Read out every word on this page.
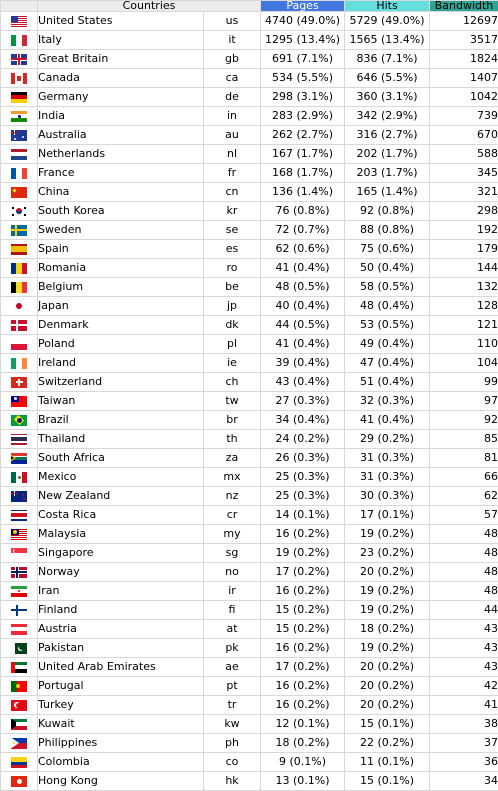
	Countries		Pages	Hits	Bandwidth

	United States	us	4740 (49.0%)	5729 (49.0%)	12697

	Italy	it	1295 (13.4%)	1565 (13.4%)	3517

	Great Britain	gb	691 (7.1%)	836 (7.1%)	1824

	Canada	ca	534 (5.5%)	646 (5.5%)	1407

	Germany	de	298 (3.1%)	360 (3.1%)	1042

	India	in	283 (2.9%)	342 (2.9%)	739

	Australia	au	262 (2.7%)	316 (2.7%)	670

	Netherlands	nl	167 (1.7%)	202 (1.7%)	588

	France	fr	168 (1.7%)	203 (1.7%)	345

	China	cn	136 (1.4%)	165 (1.4%)	321

	South Korea	kr	76 (0.8%)	92 (0.8%)	298

	Sweden	se	72 (0.7%)	88 (0.8%)	192

	Spain	es	62 (0.6%)	75 (0.6%)	179

	Romania	ro	41 (0.4%)	50 (0.4%)	144

	Belgium	be	48 (0.5%)	58 (0.5%)	132

	Japan	jp	40 (0.4%)	48 (0.4%)	128

	Denmark	dk	44 (0.5%)	53 (0.5%)	121

	Poland	pl	41 (0.4%)	49 (0.4%)	110

	Ireland	ie	39 (0.4%)	47 (0.4%)	104

	Switzerland	ch	43 (0.4%)	51 (0.4%)	99

	Taiwan	tw	27 (0.3%)	32 (0.3%)	97

	Brazil	br	34 (0.4%)	41 (0.4%)	92

	Thailand	th	24 (0.2%)	29 (0.2%)	85

	South Africa	za	26 (0.3%)	31 (0.3%)	81

	Mexico	mx	25 (0.3%)	31 (0.3%)	66

	New Zealand	nz	25 (0.3%)	30 (0.3%)	62

	Costa Rica	cr	14 (0.1%)	17 (0.1%)	57

	Malaysia	my	16 (0.2%)	19 (0.2%)	48

	Singapore	sg	19 (0.2%)	23 (0.2%)	48

	Norway	no	17 (0.2%)	20 (0.2%)	48

	Iran	ir	16 (0.2%)	19 (0.2%)	48

	Finland	fi	15 (0.2%)	19 (0.2%)	44

	Austria	at	15 (0.2%)	18 (0.2%)	43

	Pakistan	pk	16 (0.2%)	19 (0.2%)	43

	United Arab Emirates	ae	17 (0.2%)	20 (0.2%)	43

	Portugal	pt	16 (0.2%)	20 (0.2%)	42

	Turkey	tr	16 (0.2%)	20 (0.2%)	41

	Kuwait	kw	12 (0.1%)	15 (0.1%)	38

	Philippines	ph	18 (0.2%)	22 (0.2%)	37

	Colombia	co	9 (0.1%)	11 (0.1%)	36

	Hong Kong	hk	13 (0.1%)	15 (0.1%)	34
